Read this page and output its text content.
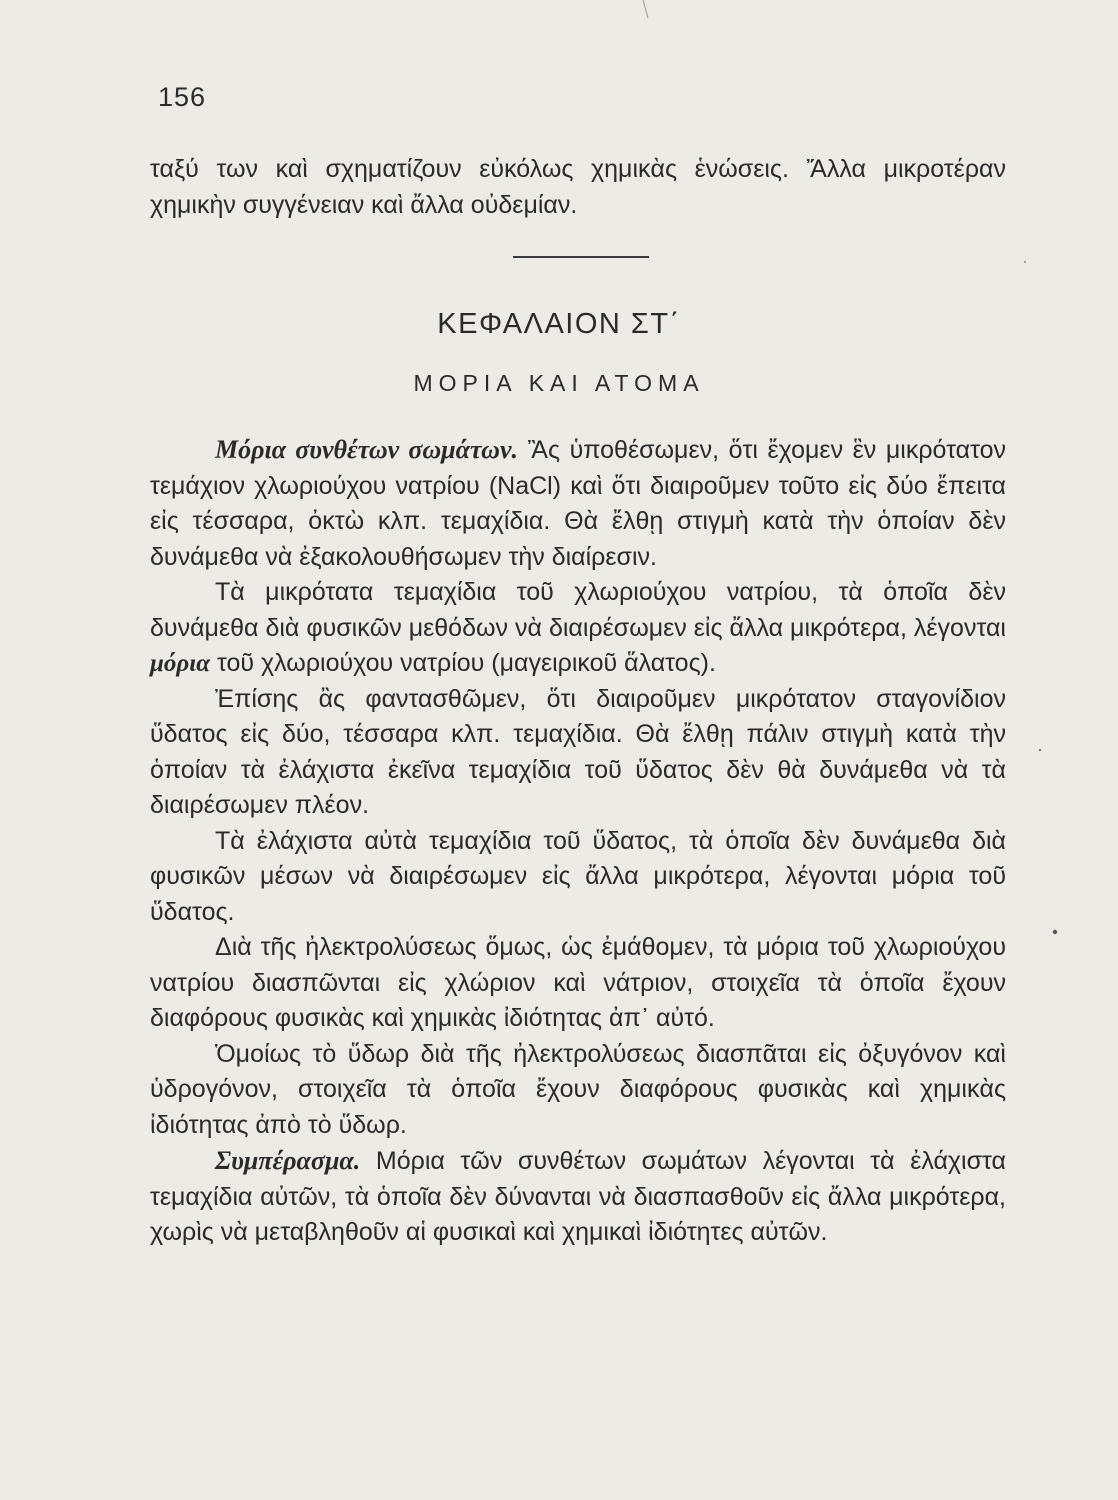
156

ταξύ των καὶ σχηματίζουν εὐκόλως χημικὰς ἑνώσεις. Ἄλλα μικροτέραν χημικὴν συγγένειαν καὶ ἄλλα οὐδεμίαν.

ΚΕΦΑΛΑΙΟΝ ΣΤ΄
ΜΟΡΙΑ ΚΑΙ ΑΤΟΜΑ

Μόρια συνθέτων σωμάτων. Ἂς ὑποθέσωμεν, ὅτι ἔχομεν ἓν μικρότατον τεμάχιον χλωριούχου νατρίου (NaCl) καὶ ὅτι διαιροῦμεν τοῦτο εἰς δύο ἔπειτα εἰς τέσσαρα, ὀκτὼ κλπ. τεμαχίδια. Θὰ ἔλθῃ στιγμὴ κατὰ τὴν ὁποίαν δὲν δυνάμεθα νὰ ἐξακολουθήσωμεν τὴν διαίρεσιν.

Τὰ μικρότατα τεμαχίδια τοῦ χλωριούχου νατρίου, τὰ ὁποῖα δὲν δυνάμεθα διὰ φυσικῶν μεθόδων νὰ διαιρέσωμεν εἰς ἄλλα μικρότερα, λέγονται μόρια τοῦ χλωριούχου νατρίου (μαγειρικοῦ ἅλατος).

Ἐπίσης ἂς φαντασθῶμεν, ὅτι διαιροῦμεν μικρότατον σταγονίδιον ὕδατος εἰς δύο, τέσσαρα κλπ. τεμαχίδια. Θὰ ἔλθῃ πάλιν στιγμὴ κατὰ τὴν ὁποίαν τὰ ἐλάχιστα ἐκεῖνα τεμαχίδια τοῦ ὕδατος δὲν θὰ δυνάμεθα νὰ τὰ διαιρέσωμεν πλέον.

Τὰ ἐλάχιστα αὐτὰ τεμαχίδια τοῦ ὕδατος, τὰ ὁποῖα δὲν δυνάμεθα διὰ φυσικῶν μέσων νὰ διαιρέσωμεν εἰς ἄλλα μικρότερα, λέγονται μόρια τοῦ ὕδατος.

Διὰ τῆς ἠλεκτρολύσεως ὅμως, ὡς ἐμάθομεν, τὰ μόρια τοῦ χλωριούχου νατρίου διασπῶνται εἰς χλώριον καὶ νάτριον, στοιχεῖα τὰ ὁποῖα ἔχουν διαφόρους φυσικὰς καὶ χημικὰς ἰδιότητας ἀπ᾽ αὐτό.

Ὁμοίως τὸ ὕδωρ διὰ τῆς ἠλεκτρολύσεως διασπᾶται εἰς ὀξυγόνον καὶ ὑδρογόνον, στοιχεῖα τὰ ὁποῖα ἔχουν διαφόρους φυσικὰς καὶ χημικὰς ἰδιότητας ἀπὸ τὸ ὕδωρ.

Συμπέρασμα. Μόρια τῶν συνθέτων σωμάτων λέγονται τὰ ἐλάχιστα τεμαχίδια αὐτῶν, τὰ ὁποῖα δὲν δύνανται νὰ διασπασθοῦν εἰς ἄλλα μικρότερα, χωρὶς νὰ μεταβληθοῦν αἱ φυσικαὶ καὶ χημικαὶ ἰδιότητες αὐτῶν.
